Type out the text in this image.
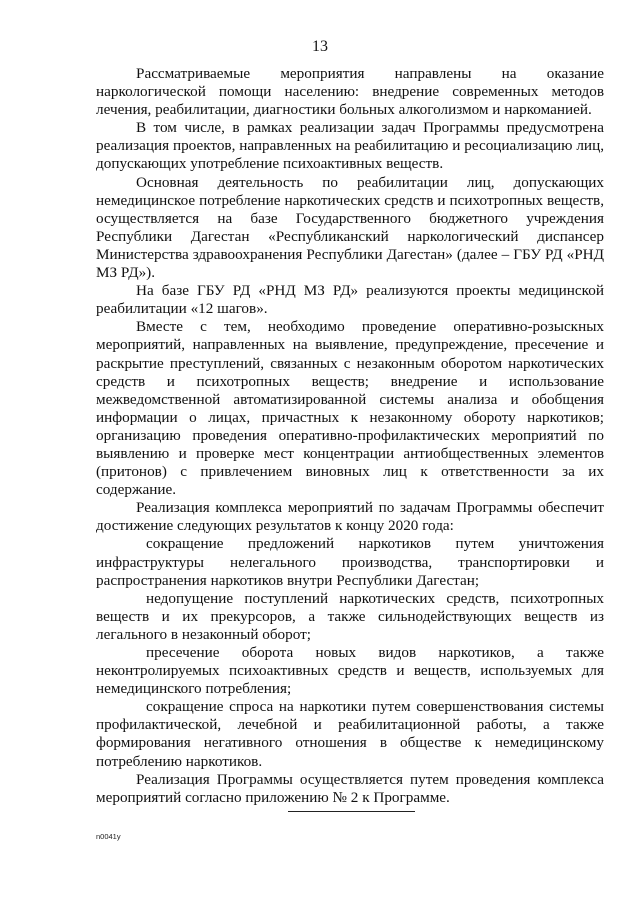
13

Рассматриваемые мероприятия направлены на оказание наркологической помощи населению: внедрение современных методов лечения, реабилитации, диагностики больных алкоголизмом и наркоманией.

В том числе, в рамках реализации задач Программы предусмотрена реализация проектов, направленных на реабилитацию и ресоциализацию лиц, допускающих употребление психоактивных веществ.

Основная деятельность по реабилитации лиц, допускающих немедицинское потребление наркотических средств и психотропных веществ, осуществляется на базе Государственного бюджетного учреждения Республики Дагестан «Республиканский наркологический диспансер Министерства здравоохранения Республики Дагестан» (далее – ГБУ РД «РНД МЗ РД»).

На базе ГБУ РД «РНД МЗ РД» реализуются проекты медицинской реабилитации «12 шагов».

Вместе с тем, необходимо проведение оперативно-розыскных мероприятий, направленных на выявление, предупреждение, пресечение и раскрытие преступлений, связанных с незаконным оборотом наркотических средств и психотропных веществ; внедрение и использование межведомственной автоматизированной системы анализа и обобщения информации о лицах, причастных к незаконному обороту наркотиков; организацию проведения оперативно-профилактических мероприятий по выявлению и проверке мест концентрации антиобщественных элементов (притонов) с привлечением виновных лиц к ответственности за их содержание.

Реализация комплекса мероприятий по задачам Программы обеспечит достижение следующих результатов к концу 2020 года:

сокращение предложений наркотиков путем уничтожения инфраструктуры нелегального производства, транспортировки и распространения наркотиков внутри Республики Дагестан;

недопущение поступлений наркотических средств, психотропных веществ и их прекурсоров, а также сильнодействующих веществ из легального в незаконный оборот;

пресечение оборота новых видов наркотиков, а также неконтролируемых психоактивных средств и веществ, используемых для немедицинского потребления;

сокращение спроса на наркотики путем совершенствования системы профилактической, лечебной и реабилитационной работы, а также формирования негативного отношения в обществе к немедицинскому потреблению наркотиков.

Реализация Программы осуществляется путем проведения комплекса мероприятий согласно приложению № 2 к Программе.

n0041y
